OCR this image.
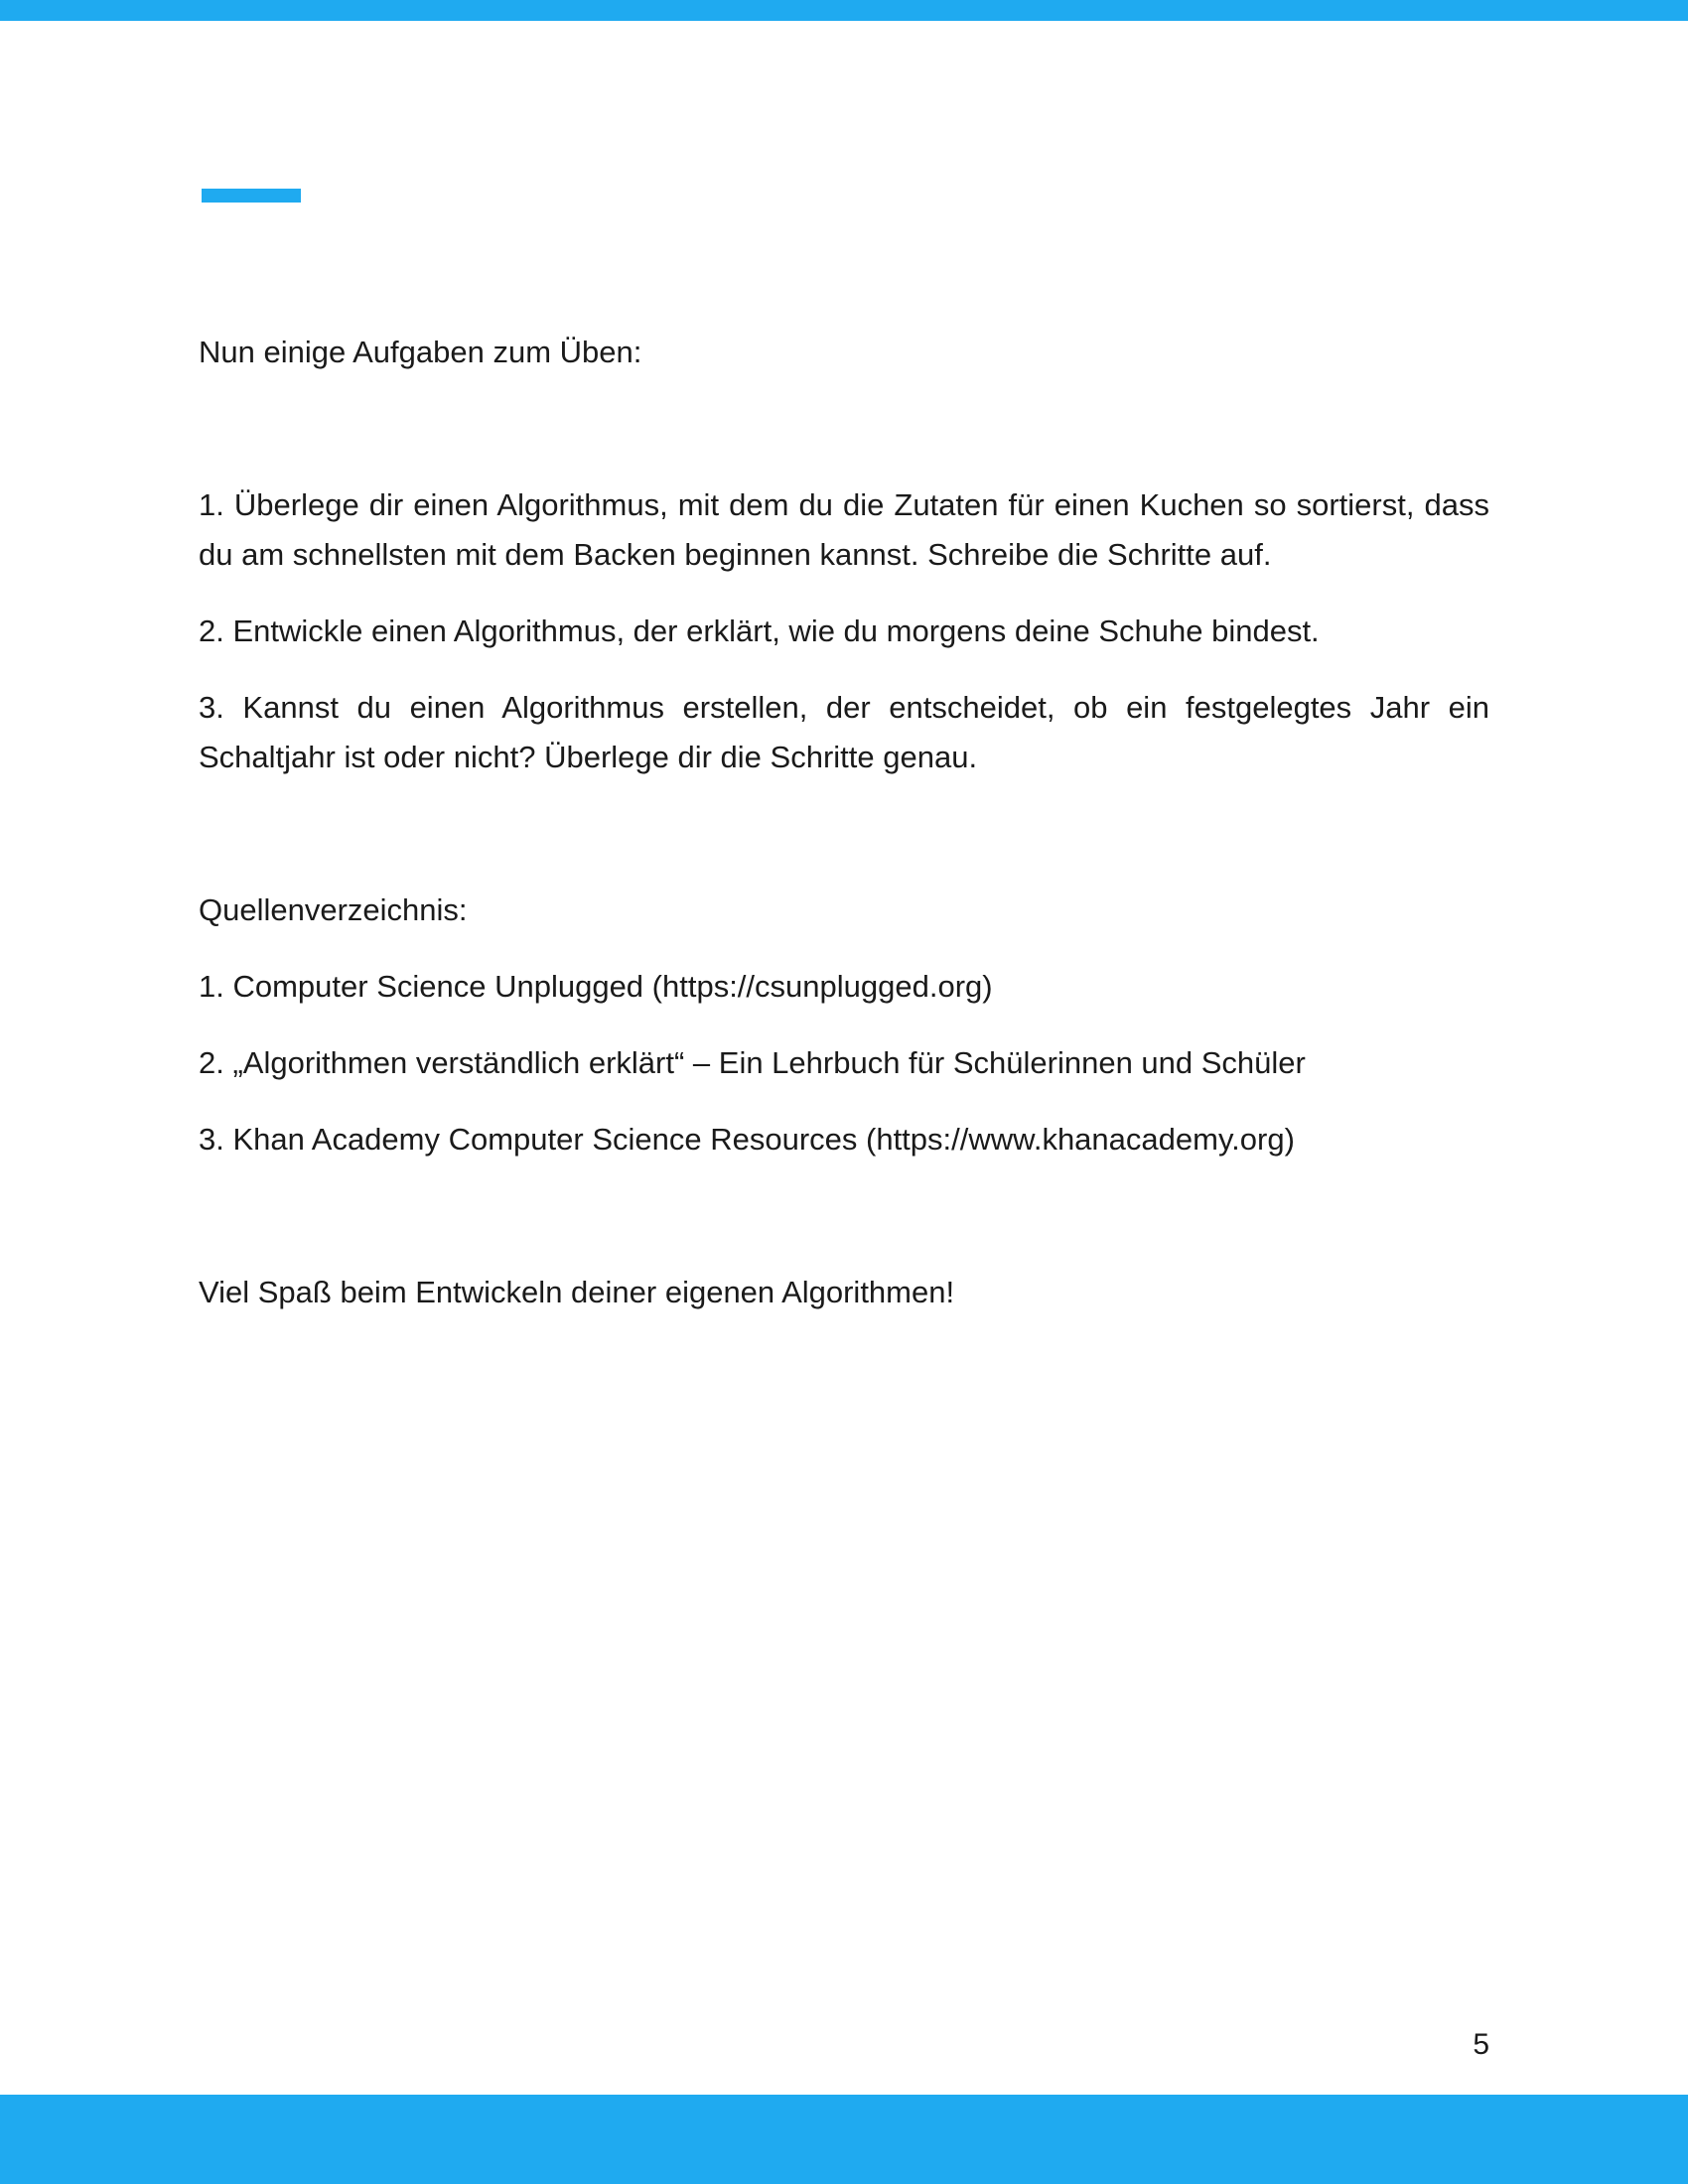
Nun einige Aufgaben zum Üben:

1. Überlege dir einen Algorithmus, mit dem du die Zutaten für einen Kuchen so sortierst, dass du am schnellsten mit dem Backen beginnen kannst. Schreibe die Schritte auf.

2. Entwickle einen Algorithmus, der erklärt, wie du morgens deine Schuhe bindest.

3. Kannst du einen Algorithmus erstellen, der entscheidet, ob ein festgelegtes Jahr ein Schaltjahr ist oder nicht? Überlege dir die Schritte genau.

Quellenverzeichnis:

1. Computer Science Unplugged (https://csunplugged.org)

2. „Algorithmen verständlich erklärt“ – Ein Lehrbuch für Schülerinnen und Schüler

3. Khan Academy Computer Science Resources (https://www.khanacademy.org)

Viel Spaß beim Entwickeln deiner eigenen Algorithmen!

5
